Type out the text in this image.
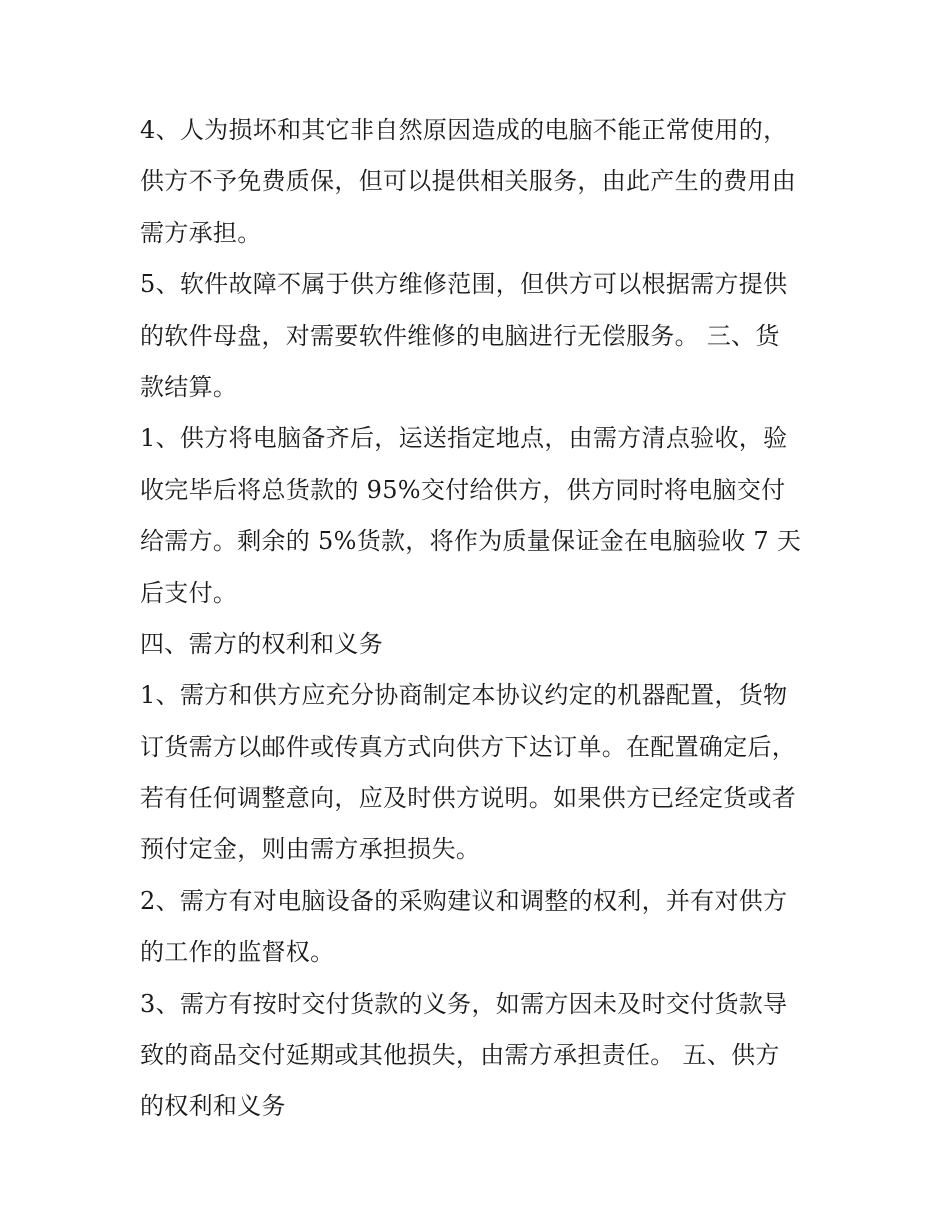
4、人为损坏和其它非自然原因造成的电脑不能正常使用的，
供方不予免费质保，但可以提供相关服务，由此产生的费用由
需方承担。
5、软件故障不属于供方维修范围，但供方可以根据需方提供
的软件母盘，对需要软件维修的电脑进行无偿服务。 三、货
款结算。
1、供方将电脑备齐后，运送指定地点，由需方清点验收，验
收完毕后将总货款的 95%交付给供方，供方同时将电脑交付
给需方。剩余的 5%货款，将作为质量保证金在电脑验收 7 天
后支付。
四、需方的权利和义务
1、需方和供方应充分协商制定本协议约定的机器配置，货物
订货需方以邮件或传真方式向供方下达订单。在配置确定后，
若有任何调整意向，应及时供方说明。如果供方已经定货或者
预付定金，则由需方承担损失。
2、需方有对电脑设备的采购建议和调整的权利，并有对供方
的工作的监督权。
3、需方有按时交付货款的义务，如需方因未及时交付货款导
致的商品交付延期或其他损失，由需方承担责任。 五、供方
的权利和义务
